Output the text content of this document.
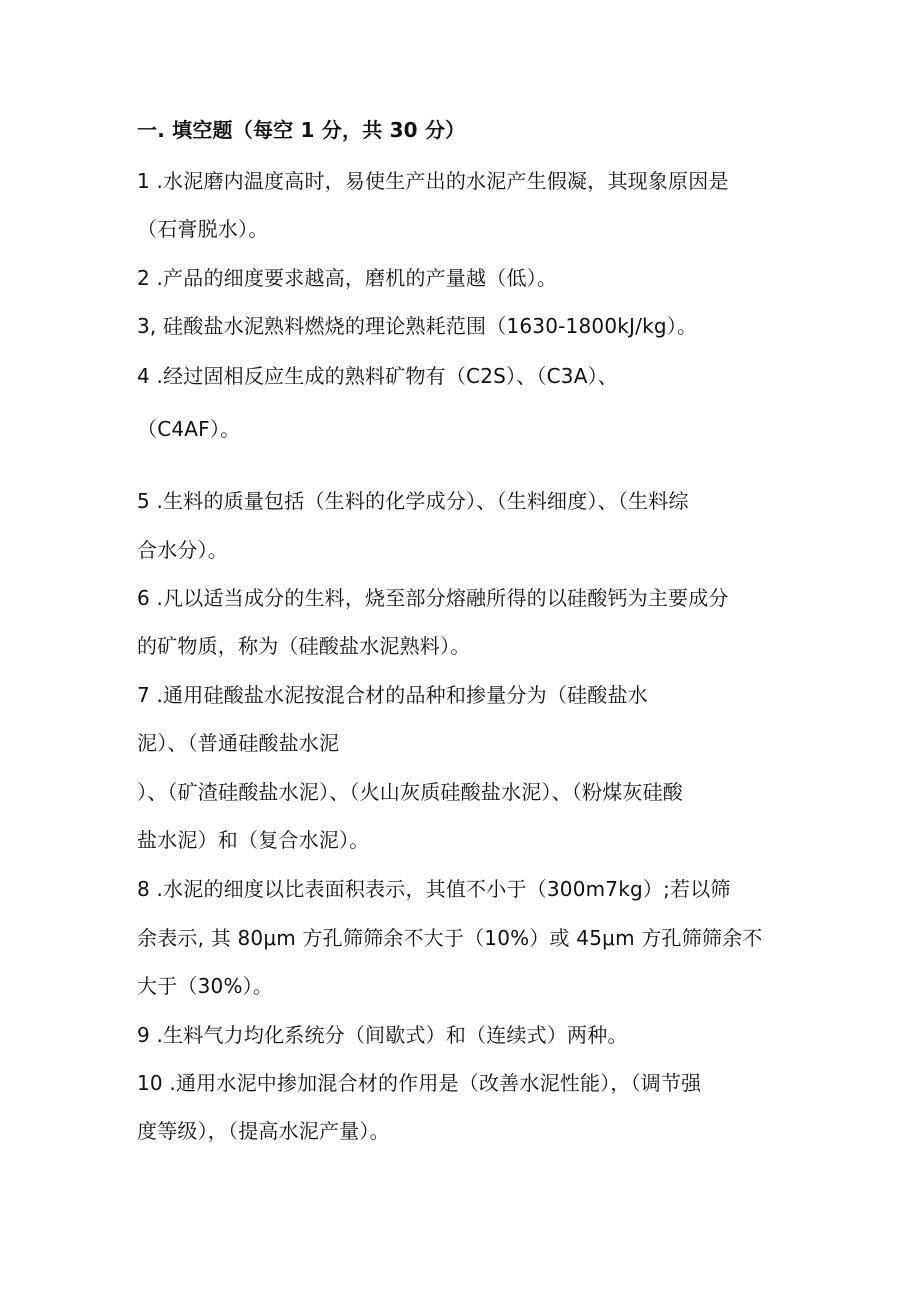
一. 填空题（每空 1 分，共 30 分）
1 .水泥磨内温度高时，易使生产出的水泥产生假凝，其现象原因是
（石膏脱水）。
2 .产品的细度要求越高，磨机的产量越（低）。
3, 硅酸盐水泥熟料燃烧的理论熟耗范围（1630-1800kJ/kg）。
4 .经过固相反应生成的熟料矿物有（C2S）、（C3A）、
（C4AF）。
5 .生料的质量包括（生料的化学成分）、（生料细度）、（生料综
合水分）。
6 .凡以适当成分的生料，烧至部分熔融所得的以硅酸钙为主要成分
的矿物质，称为（硅酸盐水泥熟料）。
7 .通用硅酸盐水泥按混合材的品种和掺量分为（硅酸盐水
泥）、（普通硅酸盐水泥
）、（矿渣硅酸盐水泥）、（火山灰质硅酸盐水泥）、（粉煤灰硅酸
盐水泥）和（复合水泥）。
8 .水泥的细度以比表面积表示，其值不小于（300m7kg）;若以筛
余表示, 其 80μm 方孔筛筛余不大于（10%）或 45μm 方孔筛筛余不
大于（30%）。
9 .生料气力均化系统分（间歇式）和（连续式）两种。
10 .通用水泥中掺加混合材的作用是（改善水泥性能），（调节强
度等级），（提高水泥产量）。
